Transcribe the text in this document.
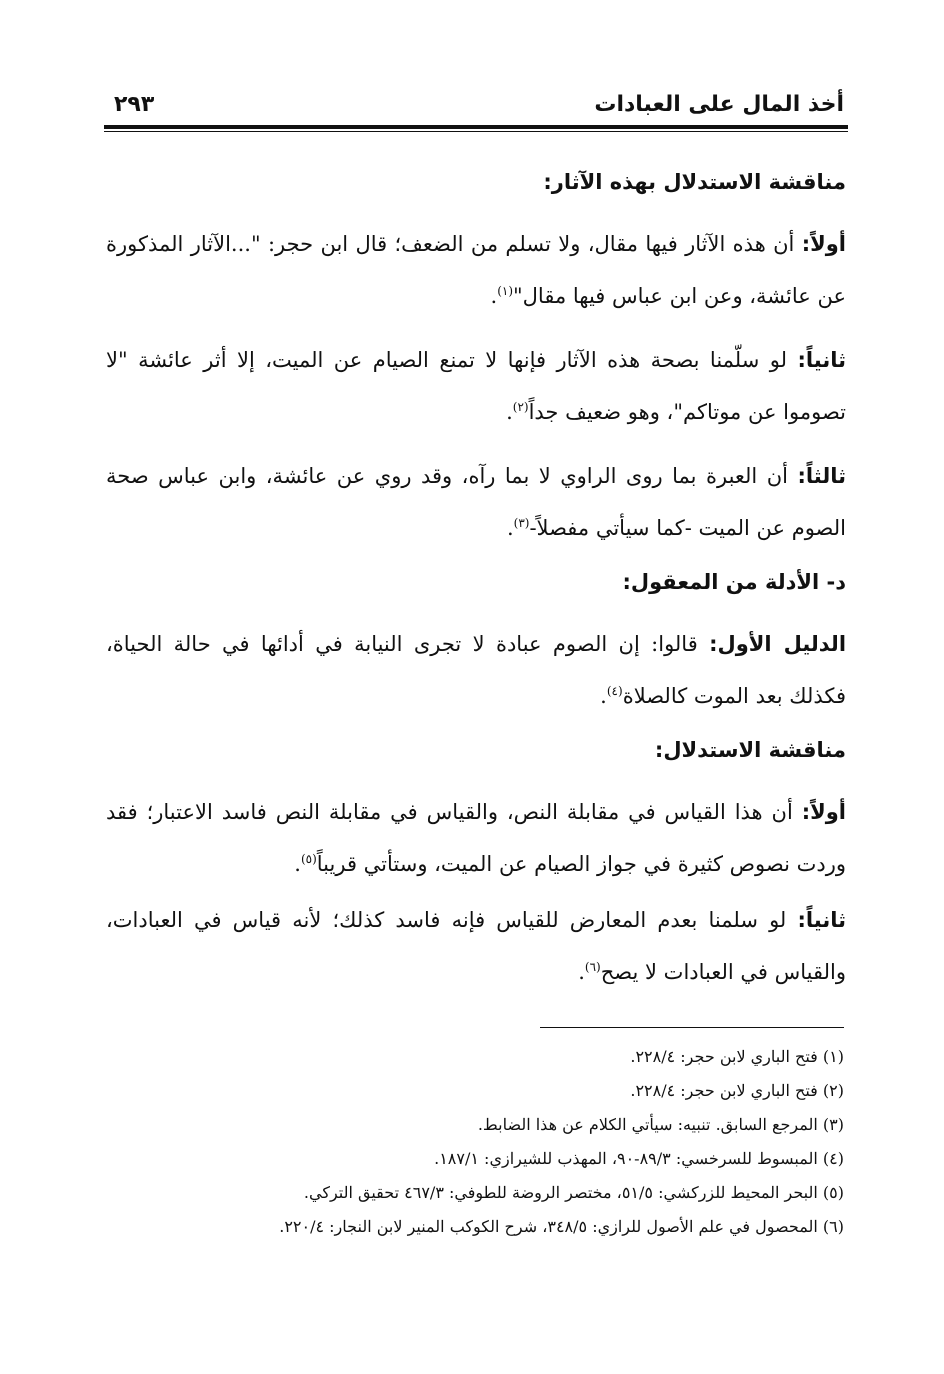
أخذ المال على العبادات
٢٩٣
مناقشة الاستدلال بهذه الآثار:

أولاً: أن هذه الآثار فيها مقال، ولا تسلم من الضعف؛ قال ابن حجر: "...الآثار المذكورة عن عائشة، وعن ابن عباس فيها مقال"$^{(١)}$.

ثانياً: لو سلّمنا بصحة هذه الآثار فإنها لا تمنع الصيام عن الميت، إلا أثر عائشة "لا تصوموا عن موتاكم"، وهو ضعيف جداً$^{(٢)}$.

ثالثاً: أن العبرة بما روى الراوي لا بما رآه، وقد روي عن عائشة، وابن عباس صحة الصوم عن الميت -كما سيأتي مفصلاً-$^{(٣)}$.

د- الأدلة من المعقول:

الدليل الأول: قالوا: إن الصوم عبادة لا تجرى النيابة في أدائها في حالة الحياة، فكذلك بعد الموت كالصلاة$^{(٤)}$.

مناقشة الاستدلال:

أولاً: أن هذا القياس في مقابلة النص، والقياس في مقابلة النص فاسد الاعتبار؛ فقد وردت نصوص كثيرة في جواز الصيام عن الميت، وستأتي قريباً$^{(٥)}$.

ثانياً: لو سلمنا بعدم المعارض للقياس فإنه فاسد كذلك؛ لأنه قياس في العبادات، والقياس في العبادات لا يصح$^{(٦)}$.

(١) فتح الباري لابن حجر: ٢٢٨/٤.
(٢) فتح الباري لابن حجر: ٢٢٨/٤.
(٣) المرجع السابق. تنبيه: سيأتي الكلام عن هذا الضابط.
(٤) المبسوط للسرخسي: ٨٩/٣-٩٠، المهذب للشيرازي: ١٨٧/١.
(٥) البحر المحيط للزركشي: ٥١/٥، مختصر الروضة للطوفي: ٤٦٧/٣ تحقيق التركي.
(٦) المحصول في علم الأصول للرازي: ٣٤٨/٥، شرح الكوكب المنير لابن النجار: ٢٢٠/٤.
